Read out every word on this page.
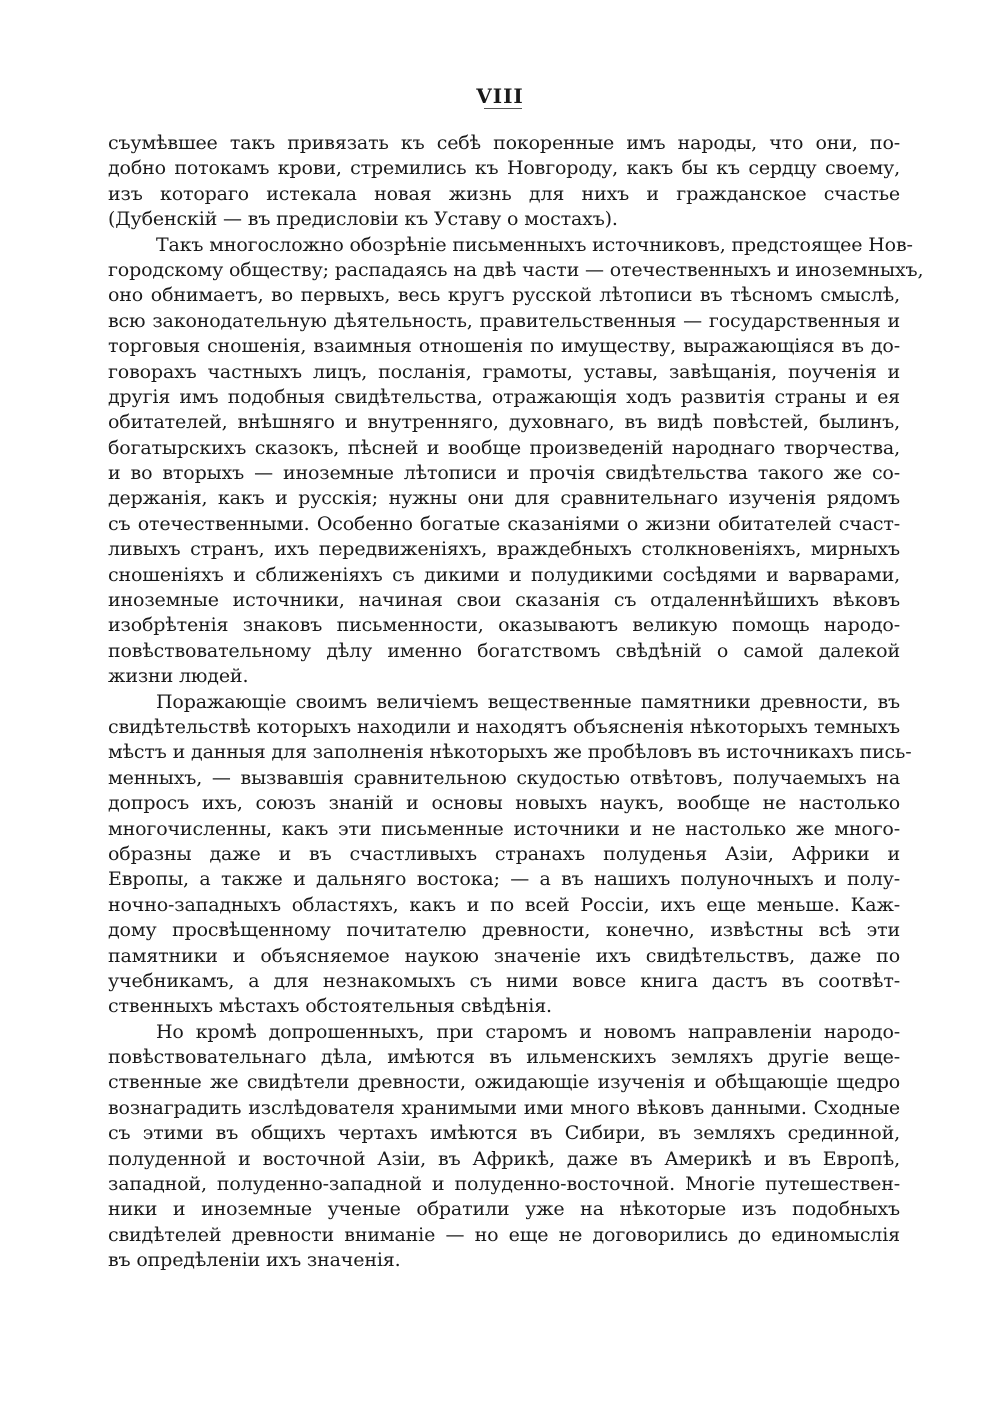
VIII
съумѣвшее такъ привязать къ себѣ покоренные имъ народы, что они, по-
добно потокамъ крови, стремились къ Новгороду, какъ бы къ сердцу своему,
изъ котораго истекала новая жизнь для нихъ и гражданское счастье
(Дубенскій — въ предисловіи къ Уставу о мостахъ).
Такъ многосложно обозрѣніе письменныхъ источниковъ, предстоящее Нов-
городскому обществу; распадаясь на двѣ части — отечественныхъ и иноземныхъ,
оно обнимаетъ, во первыхъ, весь кругъ русской лѣтописи въ тѣсномъ смыслѣ,
всю законодательную дѣятельность, правительственныя — государственныя и
торговыя сношенія, взаимныя отношенія по имуществу, выражающіяся въ до-
говорахъ частныхъ лицъ, посланія, грамоты, уставы, завѣщанія, поученія и
другія имъ подобныя свидѣтельства, отражающія ходъ развитія страны и ея
обитателей, внѣшняго и внутренняго, духовнаго, въ видѣ повѣстей, былинъ,
богатырскихъ сказокъ, пѣсней и вообще произведеній народнаго творчества,
и во вторыхъ — иноземные лѣтописи и прочія свидѣтельства такого же со-
держанія, какъ и русскія; нужны они для сравнительнаго изученія рядомъ
съ отечественными. Особенно богатые сказаніями о жизни обитателей счаст-
ливыхъ странъ, ихъ передвиженіяхъ, враждебныхъ столкновеніяхъ, мирныхъ
сношеніяхъ и сближеніяхъ съ дикими и полудикими сосѣдями и варварами,
иноземные источники, начиная свои сказанія съ отдаленнѣйшихъ вѣковъ
изобрѣтенія знаковъ письменности, оказываютъ великую помощь народо-
повѣствовательному дѣлу именно богатствомъ свѣдѣній о самой далекой
жизни людей.
Поражающіе своимъ величіемъ вещественные памятники древности, въ
свидѣтельствѣ которыхъ находили и находятъ объясненія нѣкоторыхъ темныхъ
мѣстъ и данныя для заполненія нѣкоторыхъ же пробѣловъ въ источникахъ пись-
менныхъ, — вызвавшія сравнительною скудостью отвѣтовъ, получаемыхъ на
допросъ ихъ, союзъ знаній и основы новыхъ наукъ, вообще не настолько
многочисленны, какъ эти письменные источники и не настолько же много-
образны даже и въ счастливыхъ странахъ полуденья Азіи, Африки и
Европы, а также и дальняго востока; — а въ нашихъ полуночныхъ и полу-
ночно-западныхъ областяхъ, какъ и по всей Россіи, ихъ еще меньше. Каж-
дому просвѣщенному почитателю древности, конечно, извѣстны всѣ эти
памятники и объясняемое наукою значеніе ихъ свидѣтельствъ, даже по
учебникамъ, а для незнакомыхъ съ ними вовсе книга дастъ въ соотвѣт-
ственныхъ мѣстахъ обстоятельныя свѣдѣнія.
Но кромѣ допрошенныхъ, при старомъ и новомъ направленіи народо-
повѣствовательнаго дѣла, имѣются въ ильменскихъ земляхъ другіе веще-
ственные же свидѣтели древности, ожидающіе изученія и обѣщающіе щедро
вознаградить изслѣдователя хранимыми ими много вѣковъ данными. Сходные
съ этими въ общихъ чертахъ имѣются въ Сибири, въ земляхъ срединной,
полуденной и восточной Азіи, въ Африкѣ, даже въ Америкѣ и въ Европѣ,
западной, полуденно-западной и полуденно-восточной. Многіе путешествен-
ники и иноземные ученые обратили уже на нѣкоторые изъ подобныхъ
свидѣтелей древности вниманіе — но еще не договорились до единомыслія
въ опредѣленіи ихъ значенія.
